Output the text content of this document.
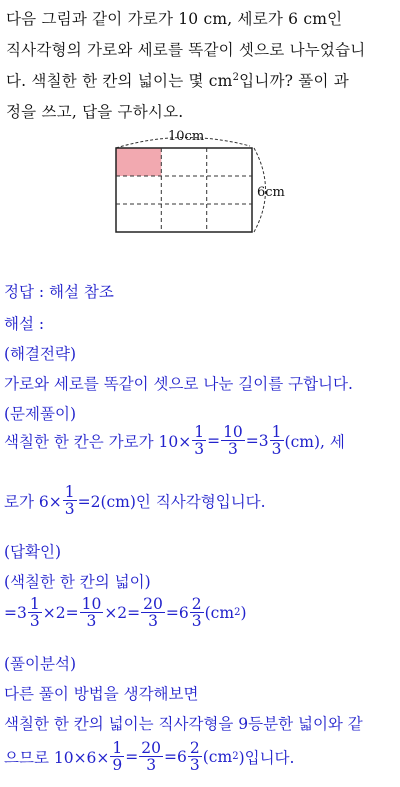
다음 그림과 같이 가로가 10 cm, 세로가 6 cm인
직사각형의 가로와 세로를 똑같이 셋으로 나누었습니
다. 색칠한 한 칸의 넓이는 몇 $cm^2$입니까? 풀이 과
정을 쓰고, 답을 구하시오.
10cm
6cm
정답 : 해설 참조
해설 :
(해결전략)
가로와 세로를 똑같이 셋으로 나눈 길이를 구합니다.
(문제풀이)
색칠한 한 칸은 가로가 $10\times \frac{1}{3} = \frac{10}{3} =3 \frac{1}{3} (cm)$, 세
로가 $6\times \frac{1}{3} =2(cm)$인 직사각형입니다.
(답확인)
(색칠한 한 칸의 넓이)
$=3 \frac{1}{3} \times 2= \frac{10}{3} \times 2= \frac{20}{3} =6 \frac{2}{3} (cm$ 2 )
(풀이분석)
다른 풀이 방법을 생각해보면
색칠한 한 칸의 넓이는 직사각형을 9등분한 넓이와 같
으므로 $10\times 6\times \frac{1}{9} = \frac{20}{3} =6 \frac{2}{3} (cm$ 2 )입니다.
